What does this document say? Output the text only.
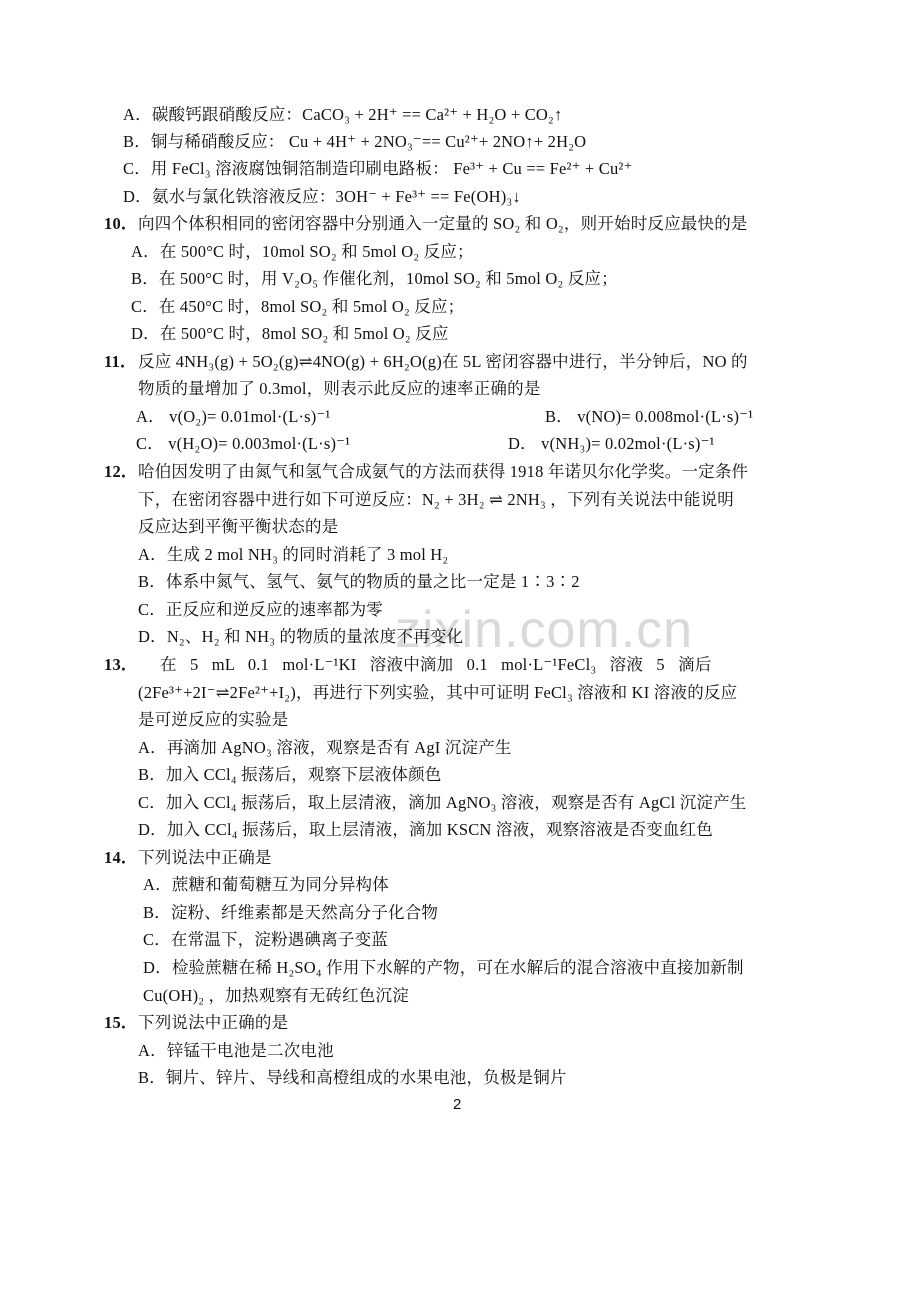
zixin.com.cn
A．碳酸钙跟硝酸反应：CaCO₃ + 2H⁺ == Ca²⁺ + H₂O + CO₂↑
B．铜与稀硝酸反应： Cu + 4H⁺ + 2NO₃⁻== Cu²⁺+ 2NO↑+ 2H₂O
C．用 FeCl₃ 溶液腐蚀铜箔制造印刷电路板： Fe³⁺ + Cu == Fe²⁺ + Cu²⁺
D．氨水与氯化铁溶液反应：3OH⁻ + Fe³⁺ == Fe(OH)₃↓
10． 向四个体积相同的密闭容器中分别通入一定量的 SO₂ 和 O₂，则开始时反应最快的是
A．在 500°C 时，10mol SO₂ 和 5mol O₂ 反应；
B．在 500°C 时，用 V₂O₅ 作催化剂，10mol SO₂ 和 5mol O₂ 反应；
C．在 450°C 时，8mol SO₂ 和 5mol O₂ 反应；
D．在 500°C 时，8mol SO₂ 和 5mol O₂ 反应
11． 反应 4NH₃(g) + 5O₂(g)⇌4NO(g) + 6H₂O(g)在 5L 密闭容器中进行，半分钟后，NO 的
物质的量增加了 0.3mol，则表示此反应的速率正确的是
A． v(O₂)= 0.01mol·(L·s)⁻¹	B． v(NO)= 0.008mol·(L·s)⁻¹
C． v(H₂O)= 0.003mol·(L·s)⁻¹	D． v(NH₃)= 0.02mol·(L·s)⁻¹
12． 哈伯因发明了由氮气和氢气合成氨气的方法而获得 1918 年诺贝尔化学奖。一定条件
下，在密闭容器中进行如下可逆反应：N₂ + 3H₂ ⇌ 2NH₃ ，下列有关说法中能说明
反应达到平衡平衡状态的是
A．生成 2 mol NH₃ 的同时消耗了 3 mol H₂
B．体系中氮气、氢气、氨气的物质的量之比一定是 1∶3∶2
C．正反应和逆反应的速率都为零
D．N₂、H₂ 和 NH₃ 的物质的量浓度不再变化
13． 在 5 mL 0.1 mol·L⁻¹KI 溶液中滴加 0.1 mol·L⁻¹FeCl₃ 溶液 5 滴后
(2Fe³⁺+2I⁻⇌2Fe²⁺+I₂)，再进行下列实验，其中可证明 FeCl₃ 溶液和 KI 溶液的反应
是可逆反应的实验是
A．再滴加 AgNO₃ 溶液，观察是否有 AgI 沉淀产生
B．加入 CCl₄ 振荡后，观察下层液体颜色
C．加入 CCl₄ 振荡后，取上层清液，滴加 AgNO₃ 溶液，观察是否有 AgCl 沉淀产生
D．加入 CCl₄ 振荡后，取上层清液，滴加 KSCN 溶液，观察溶液是否变血红色
14． 下列说法中正确是
A．蔗糖和葡萄糖互为同分异构体
B．淀粉、纤维素都是天然高分子化合物
C．在常温下，淀粉遇碘离子变蓝
D．检验蔗糖在稀 H₂SO₄ 作用下水解的产物，可在水解后的混合溶液中直接加新制
Cu(OH)₂ ，加热观察有无砖红色沉淀
15． 下列说法中正确的是
A．锌锰干电池是二次电池
B．铜片、锌片、导线和高橙组成的水果电池，负极是铜片
2
